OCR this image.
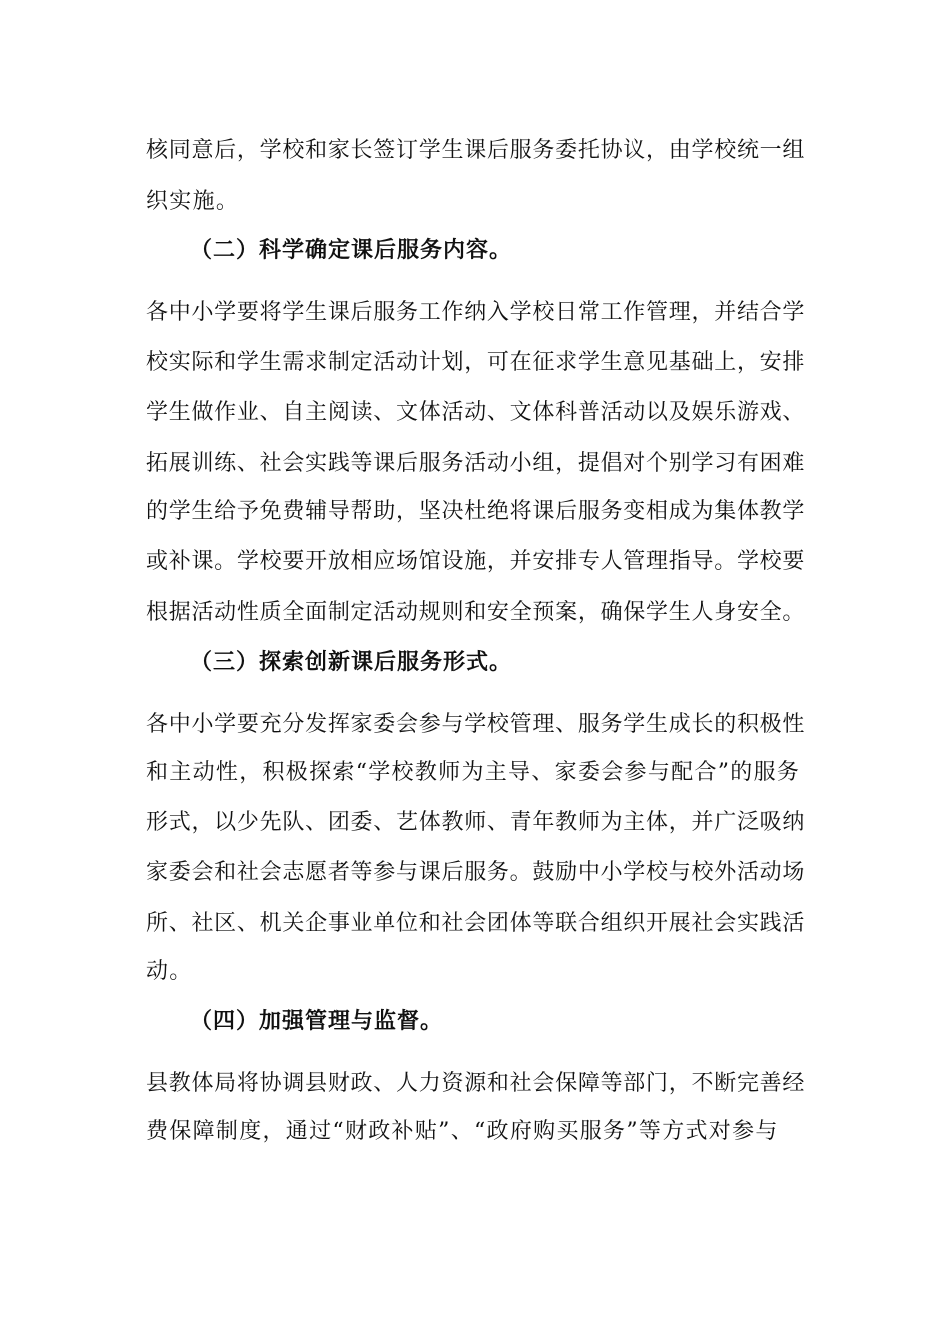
核同意后，学校和家长签订学生课后服务委托协议，由学校统一组
织实施。
（二）科学确定课后服务内容。
各中小学要将学生课后服务工作纳入学校日常工作管理，并结合学
校实际和学生需求制定活动计划，可在征求学生意见基础上，安排
学生做作业、自主阅读、文体活动、文体科普活动以及娱乐游戏、
拓展训练、社会实践等课后服务活动小组，提倡对个别学习有困难
的学生给予免费辅导帮助，坚决杜绝将课后服务变相成为集体教学
或补课。学校要开放相应场馆设施，并安排专人管理指导。学校要
根据活动性质全面制定活动规则和安全预案，确保学生人身安全。
（三）探索创新课后服务形式。
各中小学要充分发挥家委会参与学校管理、服务学生成长的积极性
和主动性，积极探索“学校教师为主导、家委会参与配合”的服务
形式，以少先队、团委、艺体教师、青年教师为主体，并广泛吸纳
家委会和社会志愿者等参与课后服务。鼓励中小学校与校外活动场
所、社区、机关企事业单位和社会团体等联合组织开展社会实践活
动。
（四）加强管理与监督。
县教体局将协调县财政、人力资源和社会保障等部门，不断完善经
费保障制度，通过“财政补贴”、“政府购买服务”等方式对参与
